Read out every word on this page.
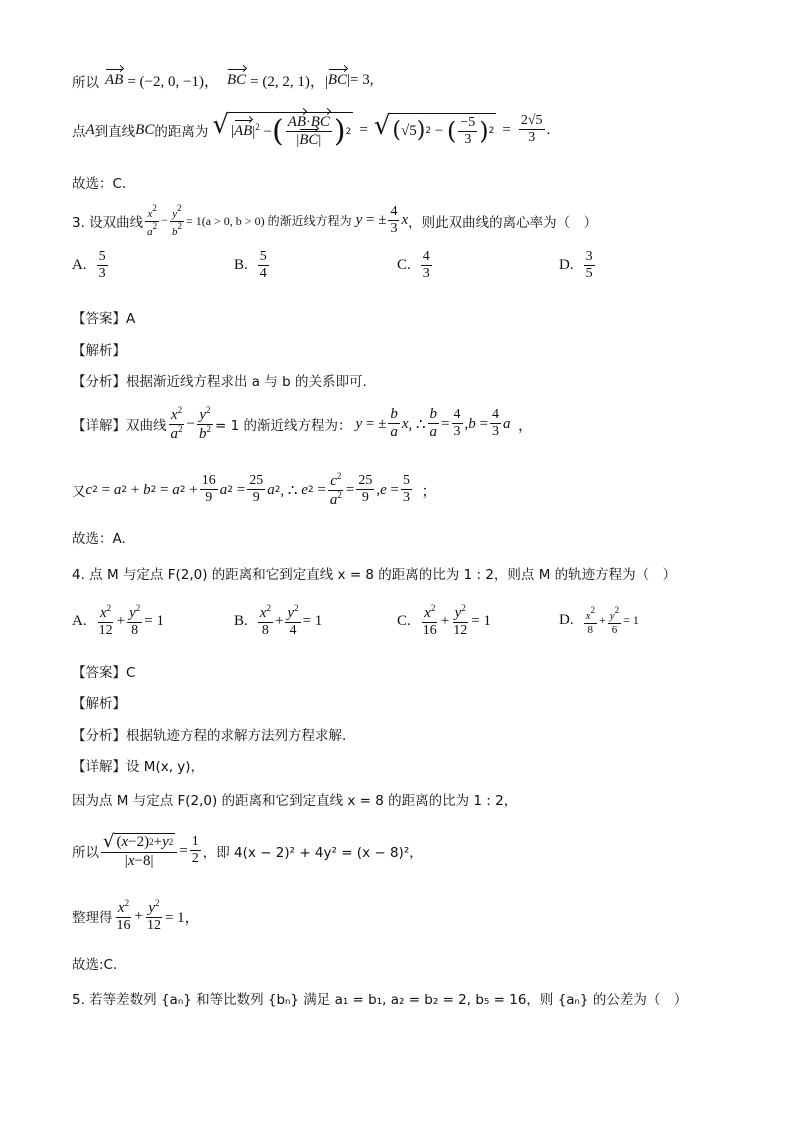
所以 AB = (−2, 0, −1)， BC = (2, 2, 1)，| BC |= 3,
点 A 到直线 BC 的距离为 √ | AB $|^2$ − ( $\frac{AB\cdot BC}{|BC|}$ ) 2 = √ ( √5 ) 2 − ( $\frac{-5}{3}$ ) $2 = \frac{2√5}{3}$ .
故选：C.
3. 设双曲线 $\frac{x^2}{a^2} - \frac{y^2}{b^2} = 1(a > 0$, b > 0) 的渐近线方程为 y = ± $\frac{4}{3}$ x ，则此双曲线的离心率为（　）
A. $\frac{5}{3}$	B. $\frac{5}{4}$	C. $\frac{4}{3}$	D. $\frac{3}{5}$
【答案】A
【解析】
【分析】根据渐近线方程求出 a 与 b 的关系即可.
【详解】双曲线 $\frac{x^2}{a^2} - \frac{y^2}{b^2} = 1$ 的渐近线方程为： y = ± $\frac{b}{a}$ x , ∴ $\frac{b}{a} = \frac{4}{3}$ , $b = \frac{4}{3}$ a ，
又 c 2 = a 2 + b 2 = a $2 + \frac{16}{9}$ a $2 = \frac{25}{9}$ a 2 , ∴ e $2 = \frac{c^2}{a^2} = \frac{25}{9}$ , $e = \frac{5}{3}$ ；
故选：A.
4. 点 M 与定点 F(2,0) 的距离和它到定直线 x = 8 的距离的比为 1 : 2，则点 M 的轨迹方程为（　）
A. $\frac{x^2}{12} + \frac{y^2}{8} = 1$	B. $\frac{x^2}{8} + \frac{y^2}{4} = 1$	C. $\frac{x^2}{16} + \frac{y^2}{12} = 1$	D. $\frac{x^2}{8} + \frac{y^2}{6} = 1$
【答案】C
【解析】
【分析】根据轨迹方程的求解方法列方程求解.
【详解】设 M(x, y)，
因为点 M 与定点 F(2,0) 的距离和它到定直线 x = 8 的距离的比为 1 : 2，
所以 $\frac{√ ( x -2) 2 + y 2}{|x-8|} = \frac{1}{2}$ ，即 4(x − 2)² + 4y² = (x − 8)²，
整理得 $\frac{x^2}{16} + \frac{y^2}{12} = 1$，
故选:C.
5. 若等差数列 {aₙ} 和等比数列 {bₙ} 满足 a₁ = b₁, a₂ = b₂ = 2, b₅ = 16，则 {aₙ} 的公差为（　）
